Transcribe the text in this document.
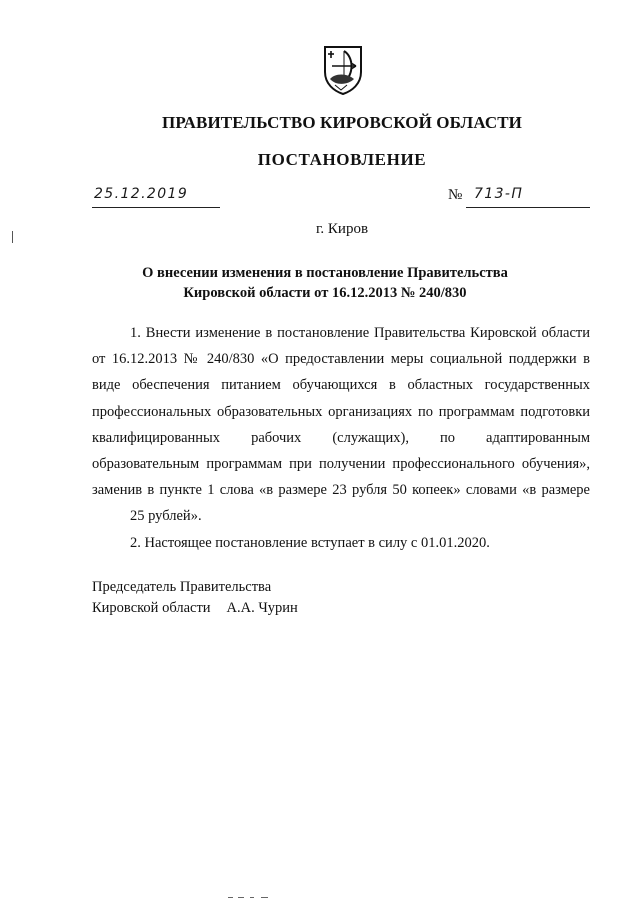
ПРАВИТЕЛЬСТВО КИРОВСКОЙ ОБЛАСТИ
ПОСТАНОВЛЕНИЕ
25.12.2019	№ 713-П
г. Киров
О внесении изменения в постановление Правительства
Кировской области от 16.12.2013 № 240/830

1. Внести изменение в постановление Правительства Кировской области от 16.12.2013 № 240/830 «О предоставлении меры социальной поддержки в виде обеспечения питанием обучающихся в областных государственных профессиональных образовательных организациях по программам подготовки квалифицированных рабочих (служащих), по адаптированным образовательным программам при получении профессионального обучения», заменив в пункте 1 слова «в размере 23 рубля 50 копеек» словами «в размере
25 рублей».

2. Настоящее постановление вступает в силу с 01.01.2020.

Председатель Правительства
Кировской области А.А. Чурин
